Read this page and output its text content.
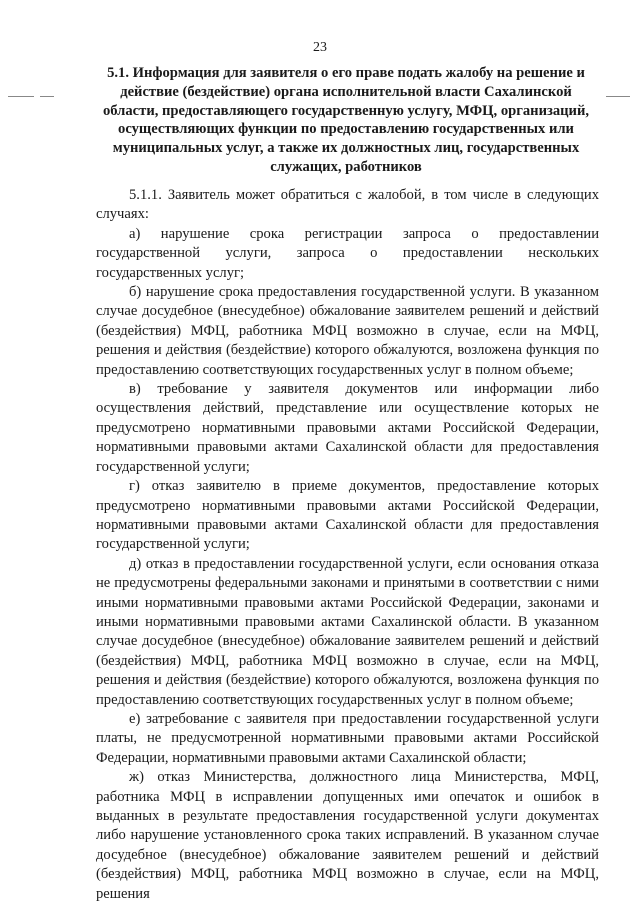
23
5.1. Информация для заявителя о его праве подать жалобу на решение и действие (бездействие) органа исполнительной власти Сахалинской области, предоставляющего государственную услугу, МФЦ, организаций, осуществляющих функции по предоставлению государственных или муниципальных услуг, а также их должностных лиц, государственных служащих, работников

5.1.1. Заявитель может обратиться с жалобой, в том числе в следующих случаях:

а) нарушение срока регистрации запроса о предоставлении государственной услуги, запроса о предоставлении нескольких государственных услуг;

б) нарушение срока предоставления государственной услуги. В указанном случае досудебное (внесудебное) обжалование заявителем решений и действий (бездействия) МФЦ, работника МФЦ возможно в случае, если на МФЦ, решения и действия (бездействие) которого обжалуются, возложена функция по предоставлению соответствующих государственных услуг в полном объеме;

в) требование у заявителя документов или информации либо осуществления действий, представление или осуществление которых не предусмотрено нормативными правовыми актами Российской Федерации, нормативными правовыми актами Сахалинской области для предоставления государственной услуги;

г) отказ заявителю в приеме документов, предоставление которых предусмотрено нормативными правовыми актами Российской Федерации, нормативными правовыми актами Сахалинской области для предоставления государственной услуги;

д) отказ в предоставлении государственной услуги, если основания отказа не предусмотрены федеральными законами и принятыми в соответствии с ними иными нормативными правовыми актами Российской Федерации, законами и иными нормативными правовыми актами Сахалинской области. В указанном случае досудебное (внесудебное) обжалование заявителем решений и действий (бездействия) МФЦ, работника МФЦ возможно в случае, если на МФЦ, решения и действия (бездействие) которого обжалуются, возложена функция по предоставлению соответствующих государственных услуг в полном объеме;

е) затребование с заявителя при предоставлении государственной услуги платы, не предусмотренной нормативными правовыми актами Российской Федерации, нормативными правовыми актами Сахалинской области;

ж) отказ Министерства, должностного лица Министерства, МФЦ, работника МФЦ в исправлении допущенных ими опечаток и ошибок в выданных в результате предоставления государственной услуги документах либо нарушение установленного срока таких исправлений. В указанном случае досудебное (внесудебное) обжалование заявителем решений и действий (бездействия) МФЦ, работника МФЦ возможно в случае, если на МФЦ, решения
